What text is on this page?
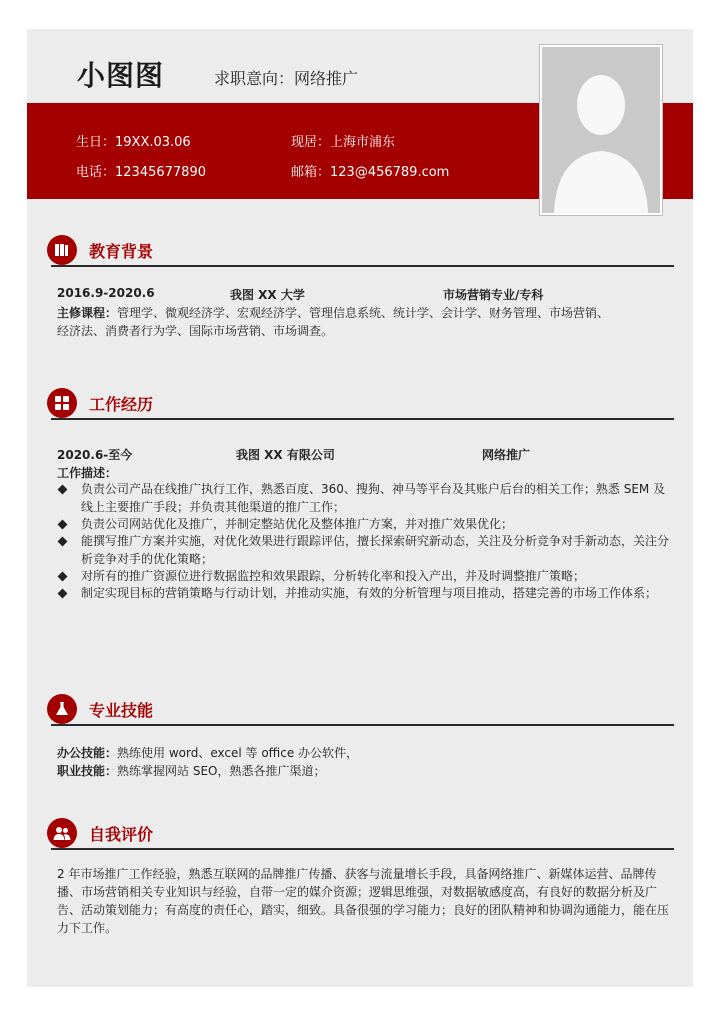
小图图	求职意向：网络推广
生日：19XX.03.06	现居：上海市浦东
电话：12345677890	邮箱：123@456789.com
教育背景
2016.9-2020.6	我图 XX 大学	市场营销专业/专科
主修课程：管理学、微观经济学、宏观经济学、管理信息系统、统计学、会计学、财务管理、市场营销、
经济法、消费者行为学、国际市场营销、市场调查。
工作经历
2020.6-至今	我图 XX 有限公司	网络推广
工作描述：
负责公司产品在线推广执行工作，熟悉百度、360、搜狗、神马等平台及其账户后台的相关工作；熟悉 SEM 及线上主要推广手段；并负责其他渠道的推广工作；
负责公司网站优化及推广，并制定整站优化及整体推广方案，并对推广效果优化；
能撰写推广方案并实施，对优化效果进行跟踪评估，擅长探索研究新动态，关注及分析竞争对手新动态，关注分析竞争对手的优化策略；
对所有的推广资源位进行数据监控和效果跟踪，分析转化率和投入产出，并及时调整推广策略；
制定实现目标的营销策略与行动计划，并推动实施，有效的分析管理与项目推动，搭建完善的市场工作体系；
专业技能
办公技能：熟练使用 word、excel 等 office 办公软件，
职业技能：熟练掌握网站 SEO，熟悉各推广渠道；
自我评价
2 年市场推广工作经验，熟悉互联网的品牌推广传播、获客与流量增长手段，具备网络推广、新媒体运营、品牌传播、市场营销相关专业知识与经验，自带一定的媒介资源；逻辑思维强，对数据敏感度高，有良好的数据分析及广告、活动策划能力；有高度的责任心，踏实，细致。具备很强的学习能力；良好的团队精神和协调沟通能力，能在压力下工作。
